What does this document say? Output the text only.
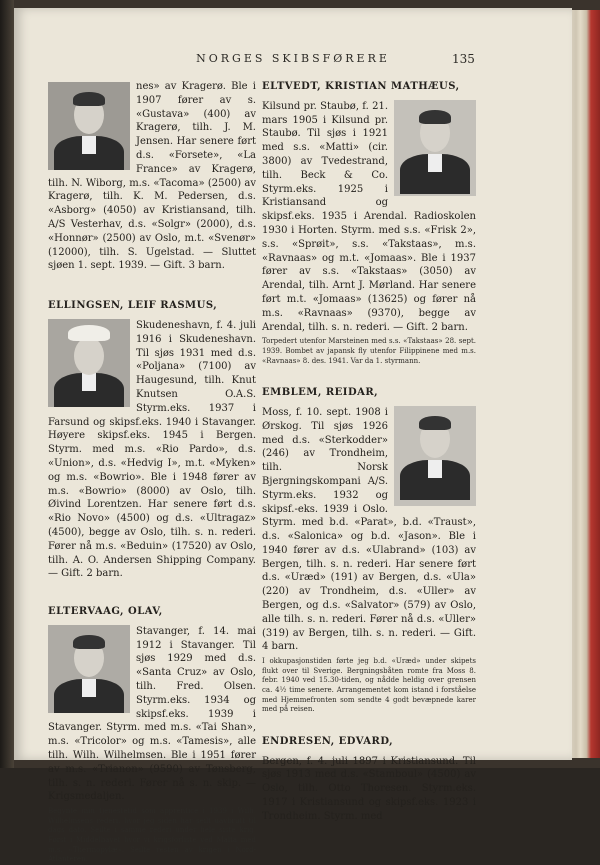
NORGES SKIBSFØRERE	135

nes» av Kragerø. Ble i 1907 fører av s. «Gustava» (400) av Kragerø, tilh. J. M. Jensen. Har senere ført d.s. «Forsete», «La France» av Kragerø, tilh. N. Wiborg, m.s. «Tacoma» (2500) av Kragerø, tilh. K. M. Pedersen, d.s. «Asborg» (4050) av Kristiansand, tilh. A/S Vesterhav, d.s. «Solgr» (2000), d.s. «Honnør» (2500) av Oslo, m.t. «Svenør» (12000), tilh. S. Ugelstad. — Sluttet sjøen 1. sept. 1939. — Gift. 3 barn.

ELLINGSEN, LEIF RASMUS,

Skudeneshavn, f. 4. juli 1916 i Skudeneshavn. Til sjøs 1931 med d.s. «Poljana» (7100) av Haugesund, tilh. Knut Knutsen O.A.S. Styrm.eks. 1937 i Farsund og skipsf.eks. 1940 i Stavanger. Høyere skipsf.eks. 1945 i Bergen. Styrm. med m.s. «Rio Pardo», d.s. «Union», d.s. «Hedvig I», m.t. «Myken» og m.s. «Bowrio». Ble i 1948 fører av m.s. «Bowrio» (8000) av Oslo, tilh. Øivind Lorentzen. Har senere ført d.s. «Rio Novo» (4500) og d.s. «Ultragaz» (4500), begge av Oslo, tilh. s. n. rederi. Fører nå m.s. «Beduin» (17520) av Oslo, tilh. A. O. Andersen Shipping Company. — Gift. 2 barn.

ELTERVAAG, OLAV,

Stavanger, f. 14. mai 1912 i Stavanger. Til sjøs 1929 med d.s. «Santa Cruz» av Oslo, tilh. Fred. Olsen. Styrm.eks. 1934 og skipsf.eks. 1939 i Stavanger. Styrm. med m.s. «Tai Shan», m.s. «Tricolor» og m.s. «Tamesis», alle tilh. Wilh. Wilhelmsen. Ble i 1951 fører av m.s. «Trianon» (9590) av Tønsberg, tilh. s. n. rederi. Fører nå s. n. skip. — Krigsmedaljen.

Begynte min tjenestetid som apprentice i 1939 i Wilh. Wilhelmsens rederi, hvor jeg siden har seilt uavbrutt til dags dato. Seilte i samme rederi under hele siste krig. Først i Middelhavet hvor vi krigsforliste ved Malta med m.s. «Thermopylæ». Seilte resten av krigen i Nord-Atlanteren.

ELTVEDT, KRISTIAN MATHÆUS,

Kilsund pr. Staubø, f. 21. mars 1905 i Kilsund pr. Staubø. Til sjøs i 1921 med s.s. «Matti» (cir. 3800) av Tvedestrand, tilh. Beck & Co. Styrm.eks. 1925 i Kristiansand og skipsf.eks. 1935 i Arendal. Radioskolen 1930 i Horten. Styrm. med s.s. «Frisk 2», s.s. «Sprøit», s.s. «Takstaas», m.s. «Ravnaas» og m.t. «Jomaas». Ble i 1937 fører av s.s. «Takstaas» (3050) av Arendal, tilh. Arnt J. Mørland. Har senere ført m.t. «Jomaas» (13625) og fører nå m.s. «Ravnaas» (9370), begge av Arendal, tilh. s. n. rederi. — Gift. 2 barn.

Torpedert utenfor Marsteinen med s.s. «Takstaas» 28. sept. 1939. Bombet av japansk fly utenfor Filippinene med m.s. «Ravnaas» 8. des. 1941. Var da 1. styrmann.

EMBLEM, REIDAR,

Moss, f. 10. sept. 1908 i Ørskog. Til sjøs 1926 med d.s. «Sterkodder» (246) av Trondheim, tilh. Norsk Bjergningskompani A/S. Styrm.eks. 1932 og skipsf.-eks. 1939 i Oslo. Styrm. med b.d. «Parat», b.d. «Traust», d.s. «Salonica» og b.d. «Jason». Ble i 1940 fører av d.s. «Ulabrand» (103) av Bergen, tilh. s. n. rederi. Har senere ført d.s. «Uræd» (191) av Bergen, d.s. «Ula» (220) av Trondheim, d.s. «Uller» av Bergen, og d.s. «Salvator» (579) av Oslo, alle tilh. s. n. rederi. Fører nå d.s. «Uller» (319) av Bergen, tilh. s. n. rederi. — Gift. 4 barn.

I okkupasjonstiden førte jeg b.d. «Uræd» under skipets flukt over til Sverige. Bergningsbåten romte fra Moss 8. febr. 1940 ved 15.30-tiden, og nådde heldig over grensen ca. 4½ time senere. Arrangementet kom istand i forståelse med Hjemmefronten som sendte 4 godt bevæpnede karer med på reisen.

ENDRESEN, EDVARD,

Bergen, f. 4. juli 1897 i Kristiansund. Til sjøs 1913 med d.s. «Stamboul» (4500) av Oslo, tilh. Otto Thoresen. Styrm.eks. 1917 i Kristiansund og skipsf.eks. 1923 i Trondheim. Styrm. med
